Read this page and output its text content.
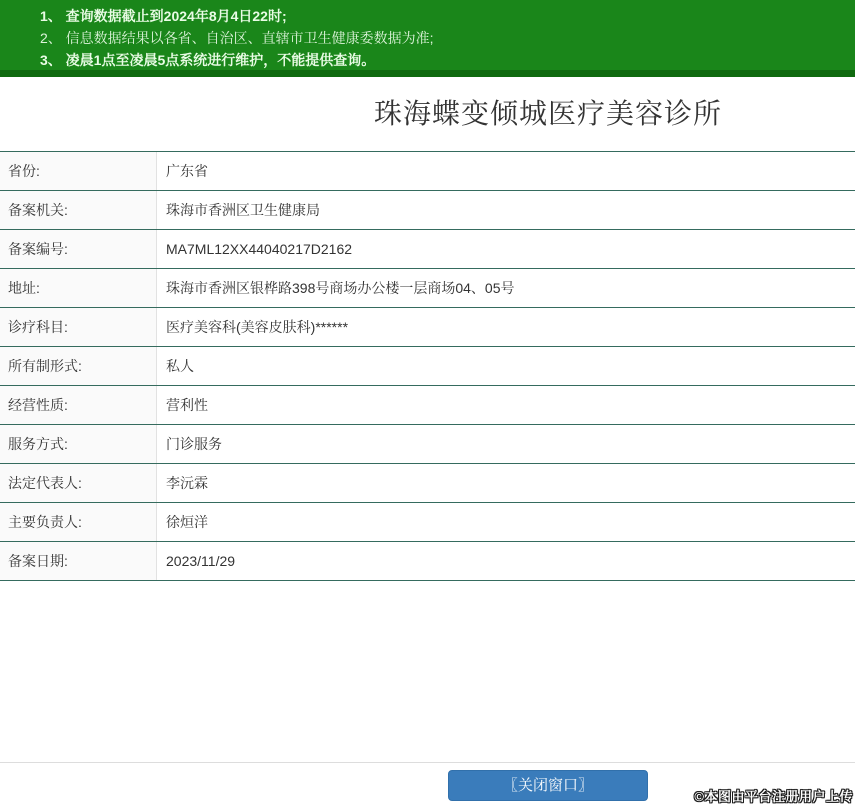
1、 查询数据截止到2024年8月4日22时;
2、 信息数据结果以各省、自治区、直辖市卫生健康委数据为准;
3、 凌晨1点至凌晨5点系统进行维护，不能提供查询。
珠海蝶变倾城医疗美容诊所
省份:	广东省
备案机关:	珠海市香洲区卫生健康局
备案编号:	MA7ML12XX44040217D2162
地址:	珠海市香洲区银桦路398号商场办公楼一层商场04、05号
诊疗科目:	医疗美容科(美容皮肤科)******
所有制形式:	私人
经营性质:	营利性
服务方式:	门诊服务
法定代表人:	李沅霖
主要负责人:	徐烜洋
备案日期:	2023/11/29
〖关闭窗口〗
©本图由平台注册用户上传
